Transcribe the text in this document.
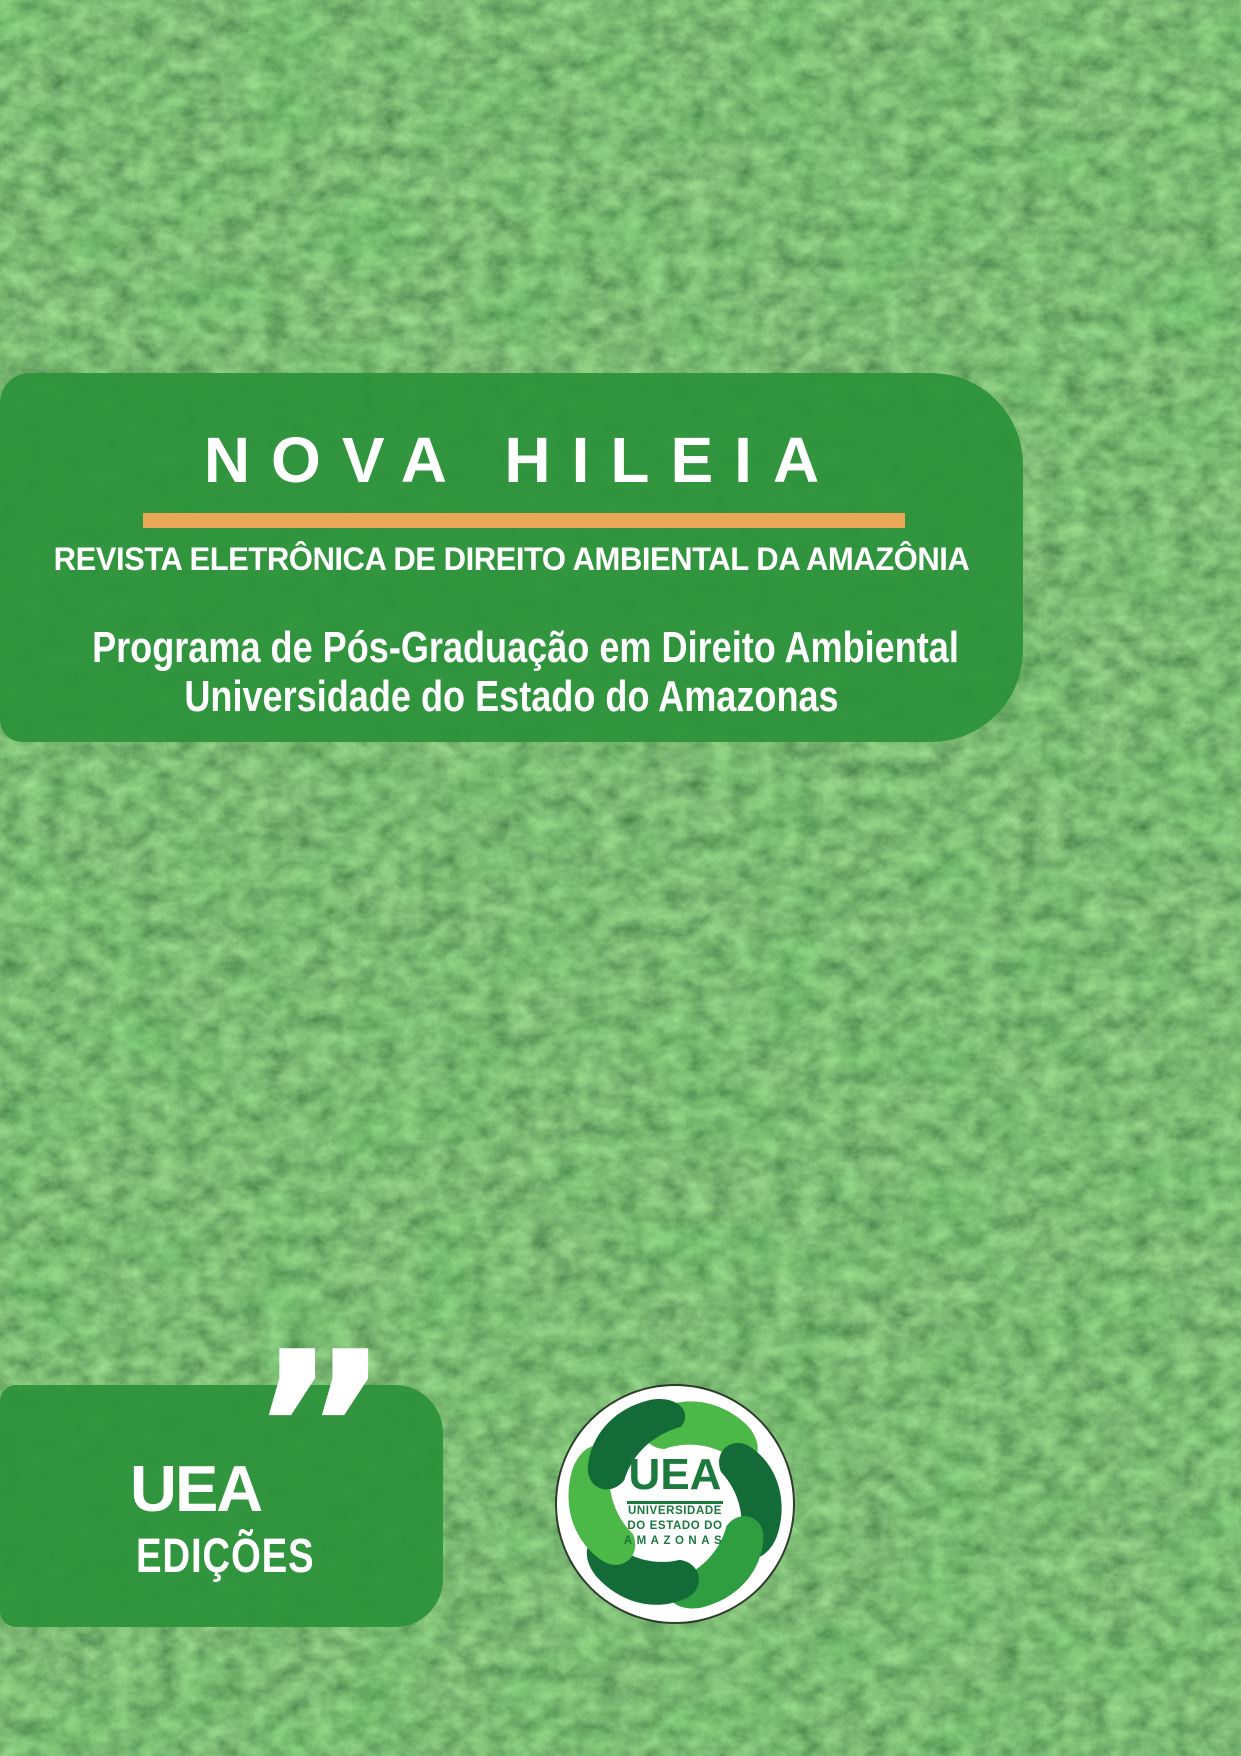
NOVA HILEIA
REVISTA ELETRÔNICA DE DIREITO AMBIENTAL DA AMAZÔNIA
Programa de Pós-Graduação em Direito Ambiental
Universidade do Estado do Amazonas
”
UEA
EDIÇÕES
UEA
UNIVERSIDADE
DO ESTADO DO
AMAZONAS
